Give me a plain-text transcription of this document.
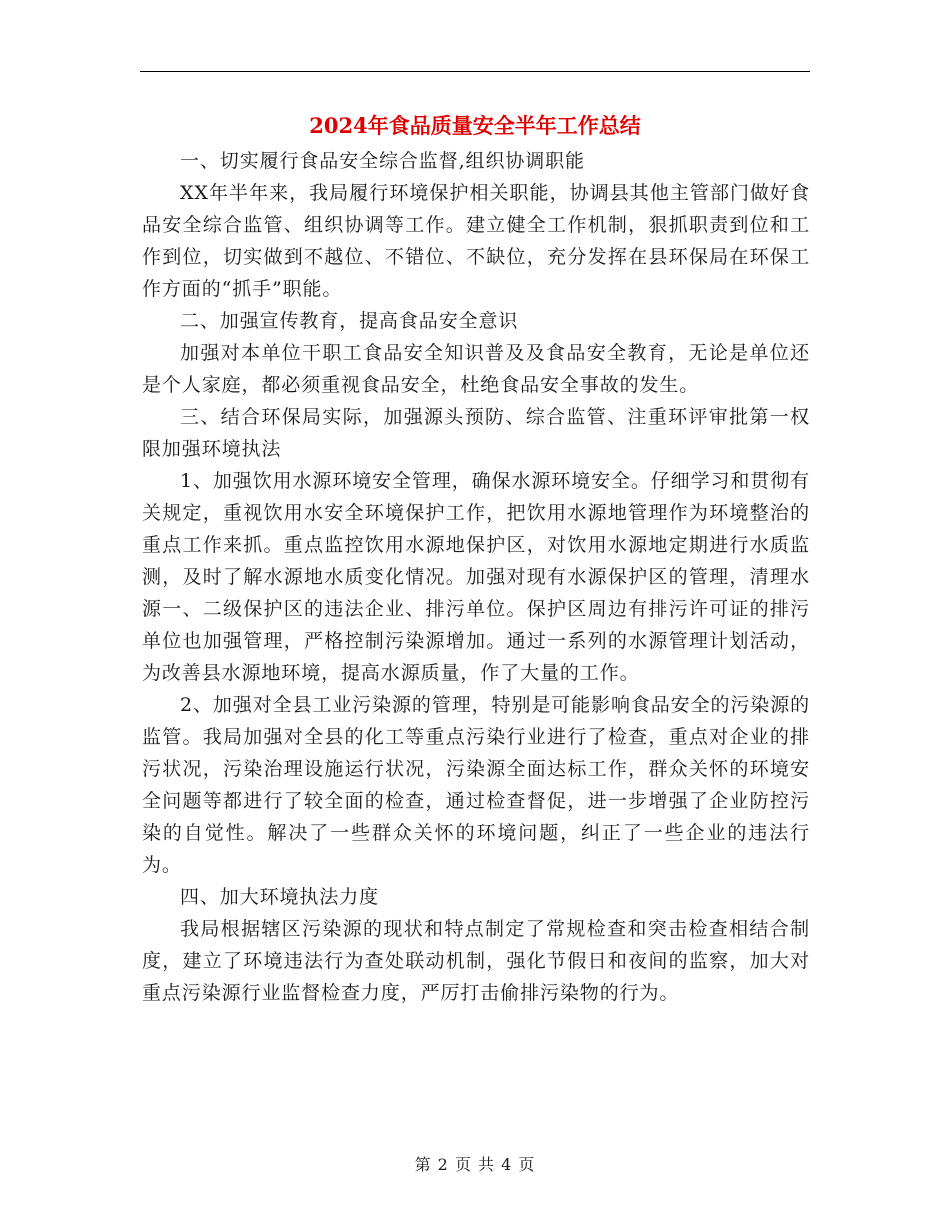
2024年食品质量安全半年工作总结

一、切实履行食品安全综合监督,组织协调职能

XX年半年来，我局履行环境保护相关职能，协调县其他主管部门做好食品安全综合监管、组织协调等工作。建立健全工作机制，狠抓职责到位和工作到位，切实做到不越位、不错位、不缺位，充分发挥在县环保局在环保工作方面的“抓手”职能。

二、加强宣传教育，提高食品安全意识

加强对本单位干职工食品安全知识普及及食品安全教育，无论是单位还是个人家庭，都必须重视食品安全，杜绝食品安全事故的发生。

三、结合环保局实际，加强源头预防、综合监管、注重环评审批第一权限加强环境执法

1、加强饮用水源环境安全管理，确保水源环境安全。仔细学习和贯彻有关规定，重视饮用水安全环境保护工作，把饮用水源地管理作为环境整治的重点工作来抓。重点监控饮用水源地保护区，对饮用水源地定期进行水质监测，及时了解水源地水质变化情况。加强对现有水源保护区的管理，清理水源一、二级保护区的违法企业、排污单位。保护区周边有排污许可证的排污单位也加强管理，严格控制污染源增加。通过一系列的水源管理计划活动，为改善县水源地环境，提高水源质量，作了大量的工作。

2、加强对全县工业污染源的管理，特别是可能影响食品安全的污染源的监管。我局加强对全县的化工等重点污染行业进行了检查，重点对企业的排污状况，污染治理设施运行状况，污染源全面达标工作，群众关怀的环境安全问题等都进行了较全面的检查，通过检查督促，进一步增强了企业防控污染的自觉性。解决了一些群众关怀的环境问题，纠正了一些企业的违法行为。

四、加大环境执法力度

我局根据辖区污染源的现状和特点制定了常规检查和突击检查相结合制度，建立了环境违法行为查处联动机制，强化节假日和夜间的监察，加大对重点污染源行业监督检查力度，严厉打击偷排污染物的行为。

第 2 页 共 4 页
